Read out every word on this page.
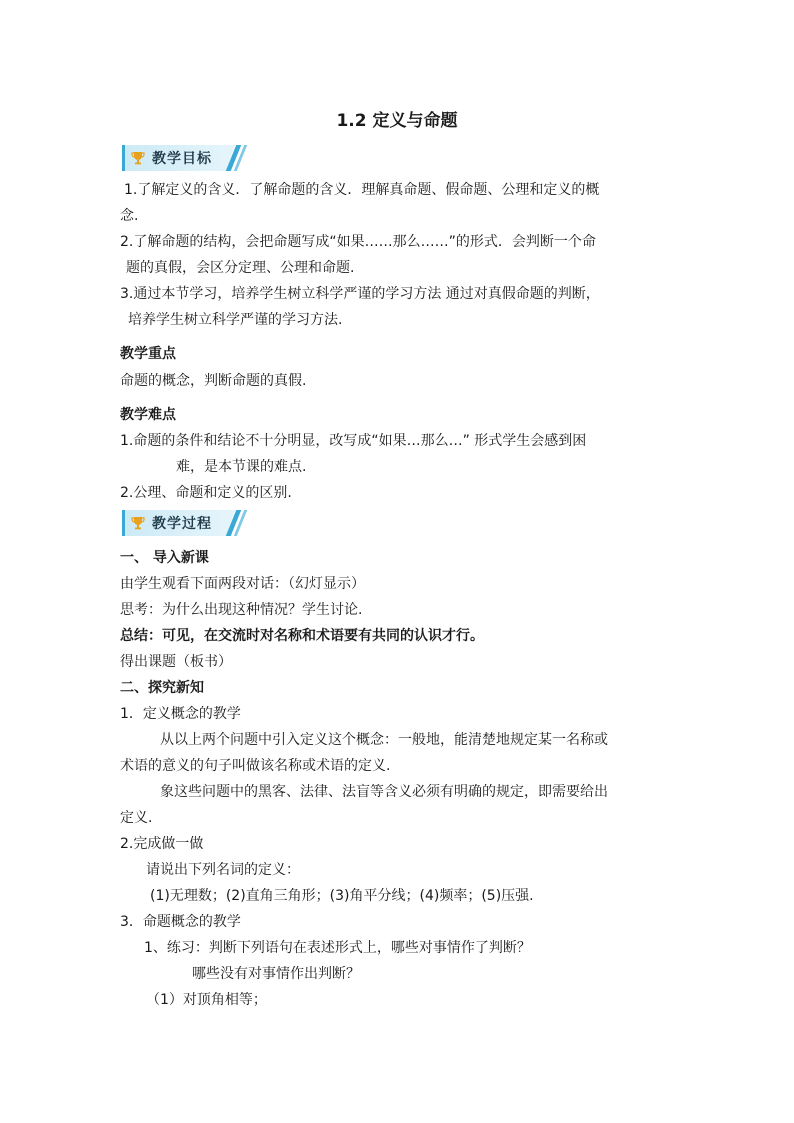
1.2 定义与命题
教学目标
1.了解定义的含义．了解命题的含义．理解真命题、假命题、公理和定义的概
念.
2.了解命题的结构，会把命题写成“如果……那么……”的形式．会判断一个命
题的真假，会区分定理、公理和命题.
3.通过本节学习，培养学生树立科学严谨的学习方法 通过对真假命题的判断，
培养学生树立科学严谨的学习方法.
教学重点
命题的概念，判断命题的真假.
教学难点
1.命题的条件和结论不十分明显，改写成“如果…那么…” 形式学生会感到困
难，是本节课的难点.
2.公理、命题和定义的区别.
教学过程
一、 导入新课
由学生观看下面两段对话：（幻灯显示）
思考：为什么出现这种情况？学生讨论.
总结：可见，在交流时对名称和术语要有共同的认识才行。
得出课题（板书）
二、探究新知
1．定义概念的教学
从以上两个问题中引入定义这个概念：一般地，能清楚地规定某一名称或
术语的意义的句子叫做该名称或术语的定义.
象这些问题中的黑客、法律、法盲等含义必须有明确的规定，即需要给出
定义.
2.完成做一做
请说出下列名词的定义：
(1)无理数；(2)直角三角形；(3)角平分线；(4)频率；(5)压强.
3．命题概念的教学
1、练习：判断下列语句在表述形式上，哪些对事情作了判断？
哪些没有对事情作出判断？
（1）对顶角相等；
